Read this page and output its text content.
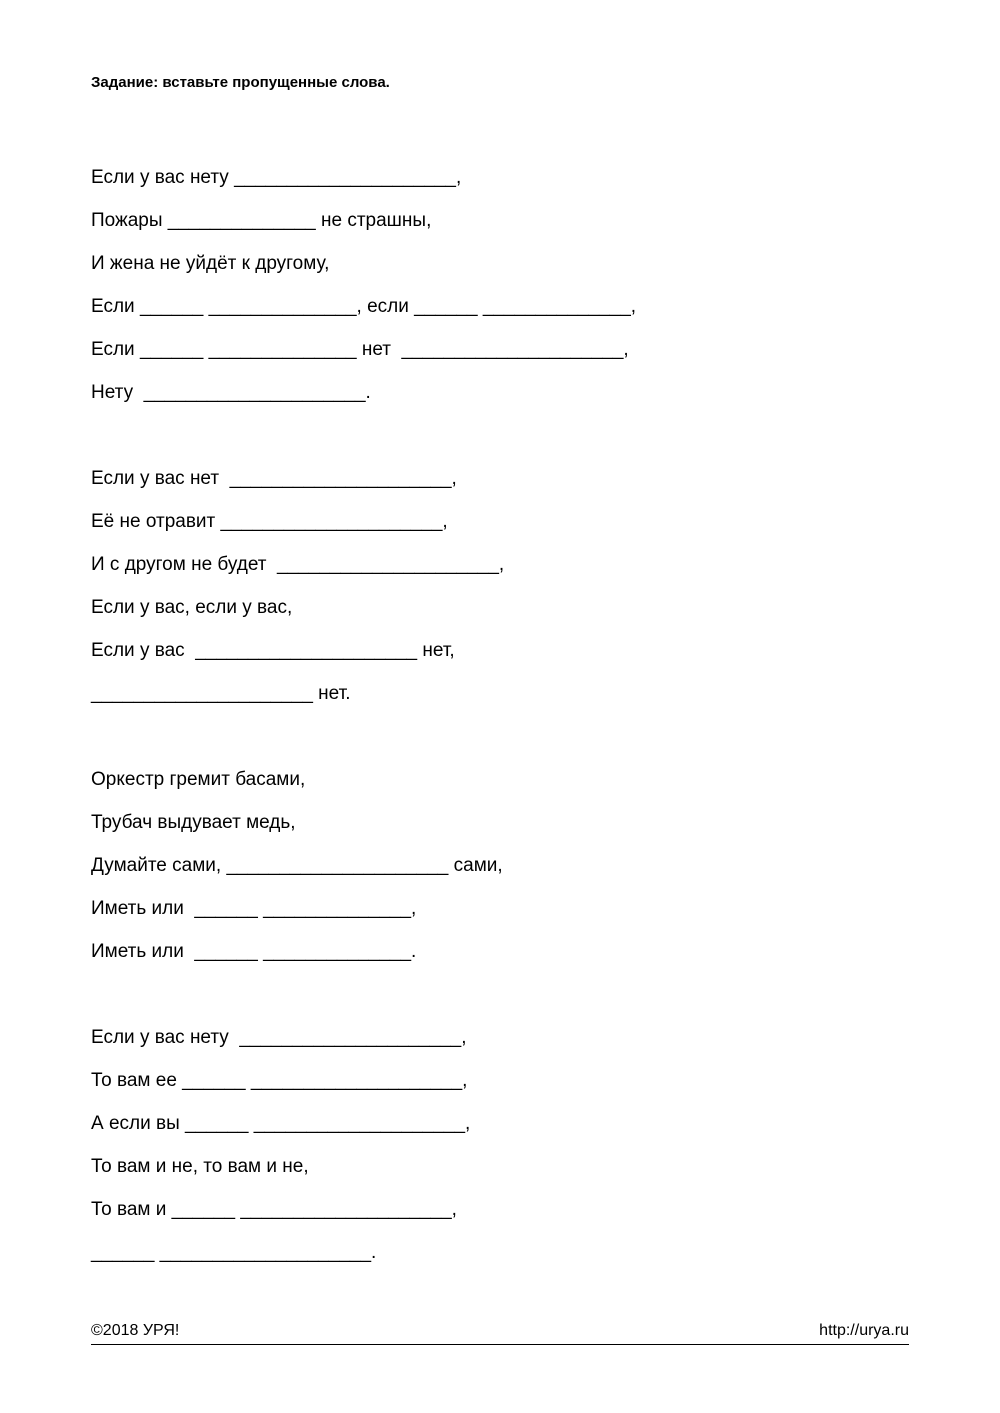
Задание: вставьте пропущенные слова.
Если у вас нету _____________________,
Пожары ______________ не страшны,
И жена не уйдёт к другому,
Если ______ ______________, если ______ ______________,
Если ______ ______________ нет  _____________________,
Нету  _____________________.
Если у вас нет  _____________________,
Её не отравит _____________________,
И с другом не будет  _____________________,
Если у вас, если у вас,
Если у вас  _____________________ нет,
_____________________ нет.
Оркестр гремит басами,
Трубач выдувает медь,
Думайте сами, _____________________ сами,
Иметь или  ______ ______________,
Иметь или  ______ ______________.
Если у вас нету  _____________________,
То вам ее ______ ____________________,
А если вы ______ ____________________,
То вам и не, то вам и не,
То вам и ______ ____________________,
______ ____________________.
©2018 УРЯ!	http://urya.ru
